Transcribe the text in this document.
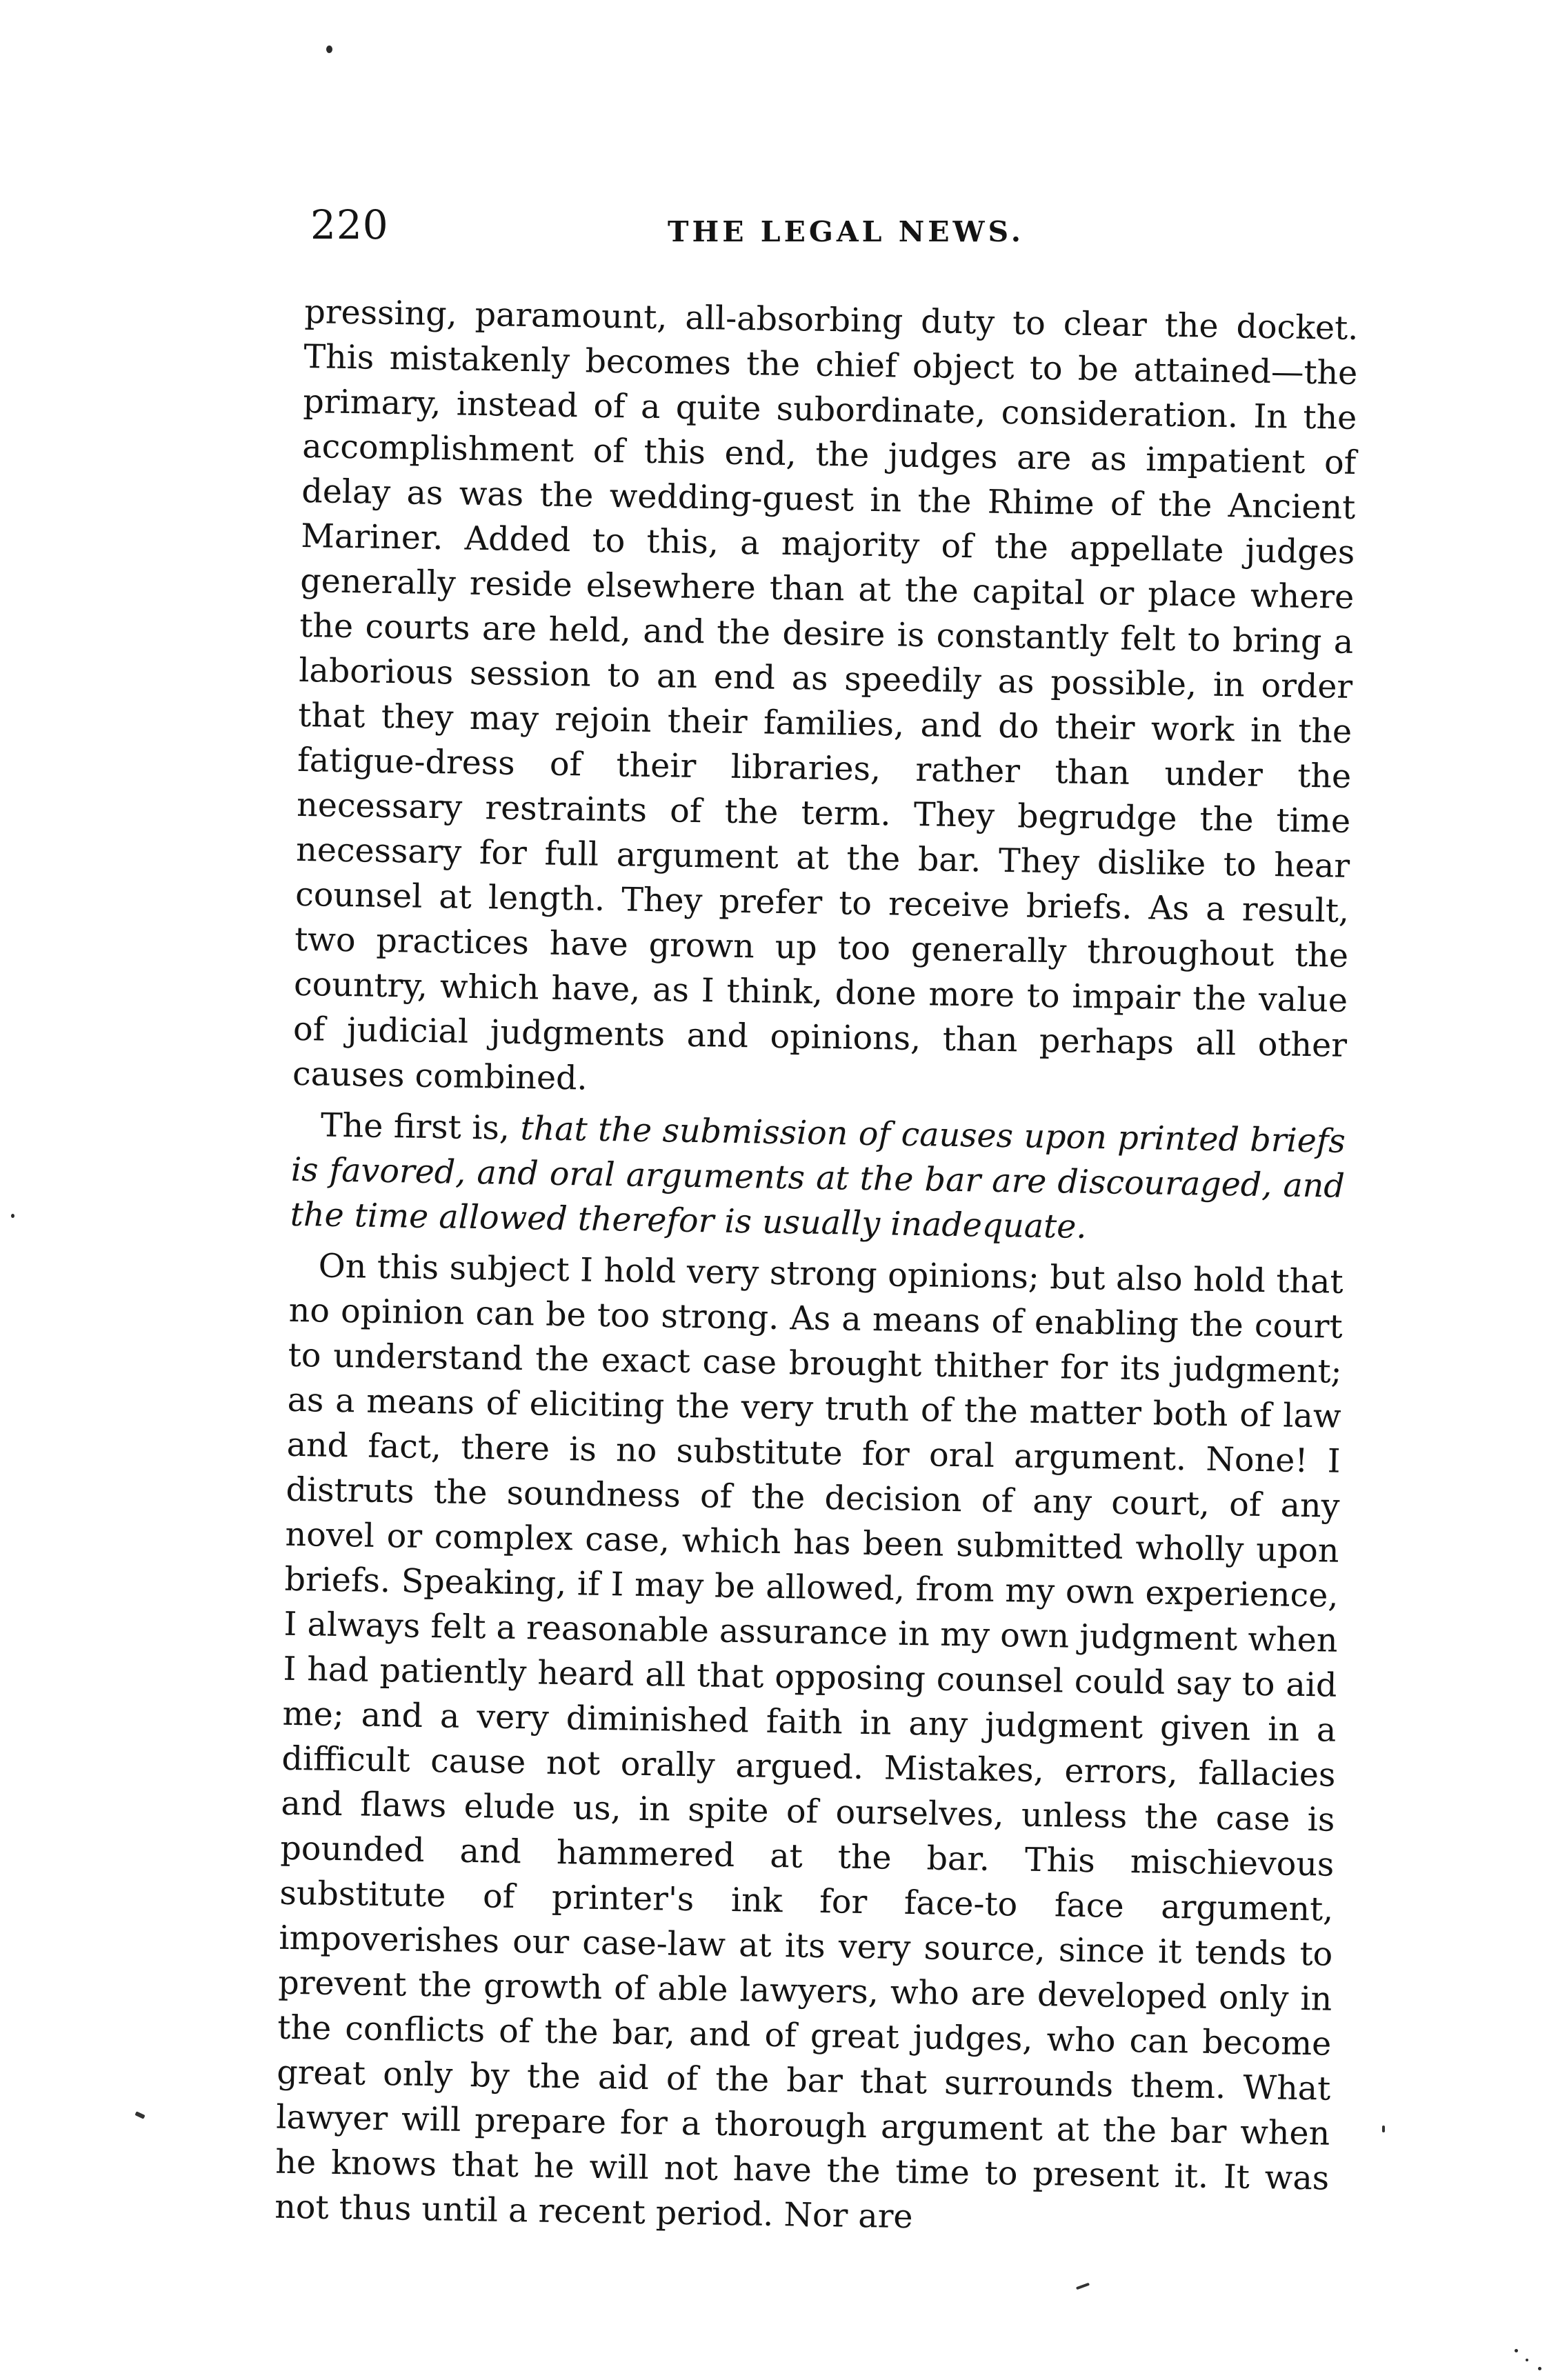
220	THE LEGAL NEWS.

pressing, paramount, all-absorbing duty to clear the docket. This mistakenly becomes the chief object to be attained—the primary, instead of a quite subordinate, consideration. In the accomplishment of this end, the judges are as impatient of delay as was the wedding-guest in the Rhime of the Ancient Mariner. Added to this, a majority of the appellate judges generally reside elsewhere than at the capital or place where the courts are held, and the desire is constantly felt to bring a laborious session to an end as speedily as possible, in order that they may rejoin their families, and do their work in the fatigue-dress of their libraries, rather than under the necessary restraints of the term. They begrudge the time necessary for full argument at the bar. They dislike to hear counsel at length. They prefer to receive briefs. As a result, two practices have grown up too generally throughout the country, which have, as I think, done more to impair the value of judicial judgments and opinions, than perhaps all other causes combined.

The first is, that the submission of causes upon printed briefs is favored, and oral arguments at the bar are discouraged, and the time allowed therefor is usually inadequate.

On this subject I hold very strong opinions; but also hold that no opinion can be too strong. As a means of enabling the court to understand the exact case brought thither for its judgment; as a means of eliciting the very truth of the matter both of law and fact, there is no substitute for oral argument. None! I distruts the soundness of the decision of any court, of any novel or complex case, which has been submitted wholly upon briefs. Speaking, if I may be allowed, from my own experience, I always felt a reasonable assurance in my own judgment when I had patiently heard all that opposing counsel could say to aid me; and a very diminished faith in any judgment given in a difficult cause not orally argued. Mistakes, errors, fallacies and flaws elude us, in spite of ourselves, unless the case is pounded and hammered at the bar. This mischievous substitute of printer's ink for face-to face argument, impoverishes our case-law at its very source, since it tends to prevent the growth of able lawyers, who are developed only in the conflicts of the bar, and of great judges, who can become great only by the aid of the bar that surrounds them. What lawyer will prepare for a thorough argument at the bar when he knows that he will not have the time to present it. It was not thus until a recent period. Nor are
